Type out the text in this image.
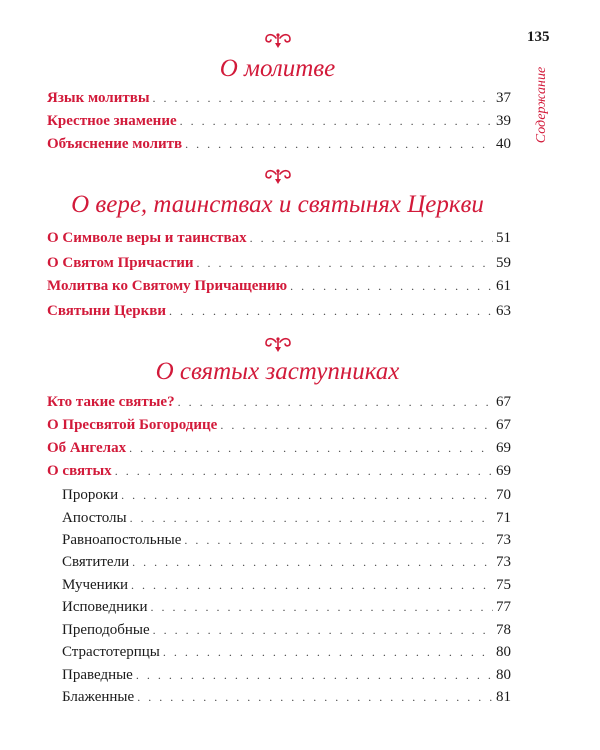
135
Содержание
О молитве
Язык молитвы . . .	37
Крестное знамение . . .	39
Объяснение молитв . . .	40
О вере, таинствах и святынях Церкви
О Символе веры и таинствах . . .	51
О Святом Причастии . . .	59
Молитва ко Святому Причащению . . .	61
Святыни Церкви . . .	63
О святых заступниках
Кто такие святые? . . .	67
О Пресвятой Богородице . . .	67
Об Ангелах . . .	69
О святых . . .	69
Пророки . . .	70
Апостолы . . .	71
Равноапостольные . . .	73
Святители . . .	73
Мученики . . .	75
Исповедники . . .	77
Преподобные . . .	78
Страстотерпцы . . .	80
Праведные . . .	80
Блаженные . . .	81
